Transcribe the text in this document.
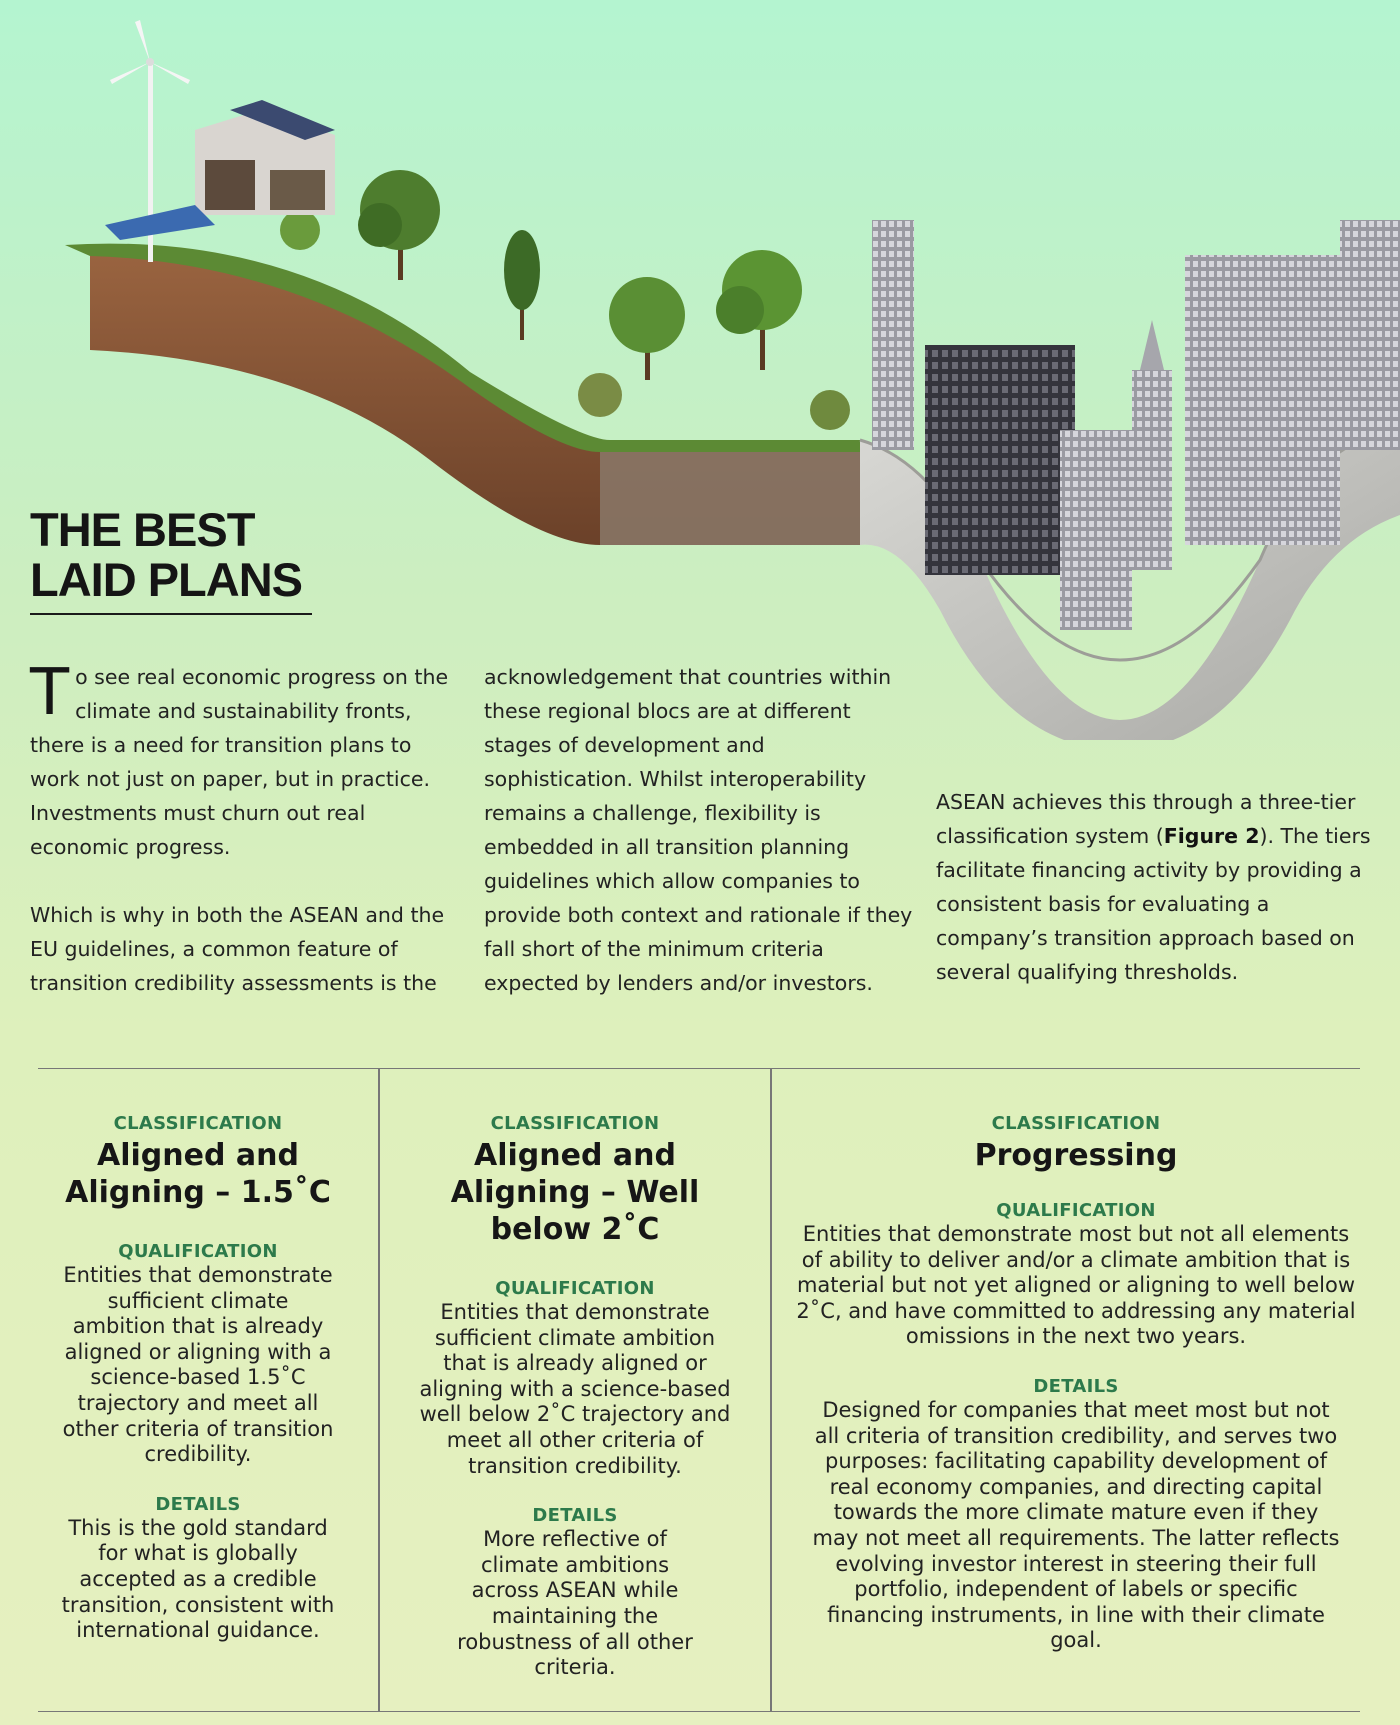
THE BEST
LAID PLANS

To see real economic progress on the climate and sustainability fronts, there is a need for transition plans to work not just on paper, but in practice. Investments must churn out real economic progress.

Which is why in both the ASEAN and the EU guidelines, a common feature of transition credibility assessments is the

acknowledgement that countries within these regional blocs are at different stages of development and sophistication. Whilst interoperability remains a challenge, flexibility is embedded in all transition planning guidelines which allow companies to provide both context and rationale if they fall short of the minimum criteria expected by lenders and/or investors.

ASEAN achieves this through a three-tier classification system (Figure 2). The tiers facilitate financing activity by providing a consistent basis for evaluating a company’s transition approach based on several qualifying thresholds.

CLASSIFICATION

Aligned and Aligning – 1.5˚C

QUALIFICATION

Entities that demonstrate sufficient climate ambition that is already aligned or aligning with a science-based 1.5˚C trajectory and meet all other criteria of transition credibility.

DETAILS

This is the gold standard for what is globally accepted as a credible transition, consistent with international guidance.

CLASSIFICATION

Aligned and Aligning – Well below 2˚C

QUALIFICATION

Entities that demonstrate sufficient climate ambition that is already aligned or aligning with a science-based well below 2˚C trajectory and meet all other criteria of transition credibility.

DETAILS

More reflective of climate ambitions across ASEAN while maintaining the robustness of all other criteria.

CLASSIFICATION

Progressing

QUALIFICATION

Entities that demonstrate most but not all elements of ability to deliver and/or a climate ambition that is material but not yet aligned or aligning to well below 2˚C, and have committed to addressing any material omissions in the next two years.

DETAILS

Designed for companies that meet most but not all criteria of transition credibility, and serves two purposes: facilitating capability development of real economy companies, and directing capital towards the more climate mature even if they may not meet all requirements. The latter reflects evolving investor interest in steering their full portfolio, independent of labels or specific financing instruments, in line with their climate goal.
